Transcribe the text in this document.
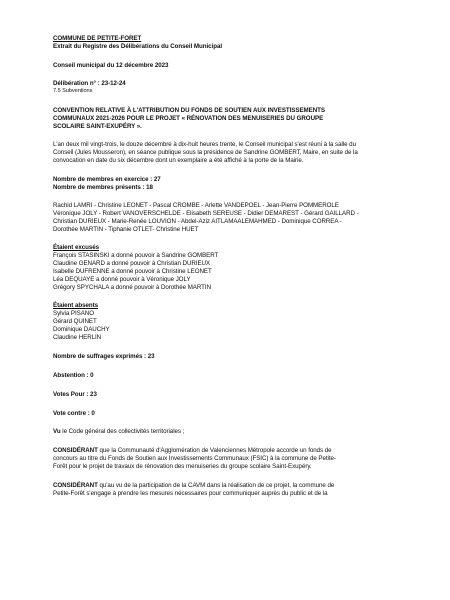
COMMUNE DE PETITE-FORET
Extrait du Registre des Délibérations du Conseil Municipal
Conseil municipal du 12 décembre 2023
Délibération n° : 23-12-24
7.5 Subventions
CONVENTION RELATIVE À L'ATTRIBUTION DU FONDS DE SOUTIEN AUX INVESTISSEMENTS
COMMUNAUX 2021-2026 POUR LE PROJET « RÉNOVATION DES MENUISERIES DU GROUPE
SCOLAIRE SAINT-EXUPÉRY ».
L'an deux mil vingt-trois, le douze décembre à dix-huit heures trente, le Conseil municipal s'est réuni à la salle du
Conseil (Jules Mousseron), en séance publique sous la présidence de Sandrine GOMBERT, Maire, en suite de la
convocation en date du six décembre dont un exemplaire a été affiché à la porte de la Mairie.
Nombre de membres en exercice : 27
Nombre de membres présents : 18
Rachid LAMRI - Christine LEONET - Pascal CROMBE - Arlette VANDEPOEL - Jean-Pierre POMMEROLE
Véronique JOLY - Robert VANOVERSCHELDE - Elisabeth SEREUSE - Didier DEMAREST - Gérard GAILLARD -
Christian DURIEUX - Marie-Renée LOUVION - Abdel-Aziz AITLAMAALEMAHMED - Dominique CORREA -
Dorothée MARTIN - Tiphanie OTLET- Christine HUET
Étaient excusés
François STASINSKI a donné pouvoir à Sandrine GOMBERT
Claudine GENARD a donné pouvoir à Christian DURIEUX
Isabelle DUFRENNE a donné pouvoir à Christine LEONET
Léa DEQUAYE a donné pouvoir à Véronique JOLY
Grégory SPYCHALA a donné pouvoir à Dorothée MARTIN
Étaient absents
Sylvia PISANO
Gérard QUINET
Dominique DAUCHY
Claudine HERLIN
Nombre de suffrages exprimés : 23
Abstention : 0
Votes Pour : 23
Vote contre : 0
Vu le Code général des collectivités territoriales ;
CONSIDÉRANT que la Communauté d'Agglomération de Valenciennes Métropole accorde un fonds de
concours au titre du Fonds de Soutien aux Investissements Communaux (FSIC) à la commune de Petite-
Forêt pour le projet de travaux de rénovation des menuiseries du groupe scolaire Saint-Exupéry.
CONSIDÉRANT qu'au vu de la participation de la CAVM dans la réalisation de ce projet, la commune de
Petite-Forêt s'engage à prendre les mesures nécessaires pour communiquer auprès du public et de la
